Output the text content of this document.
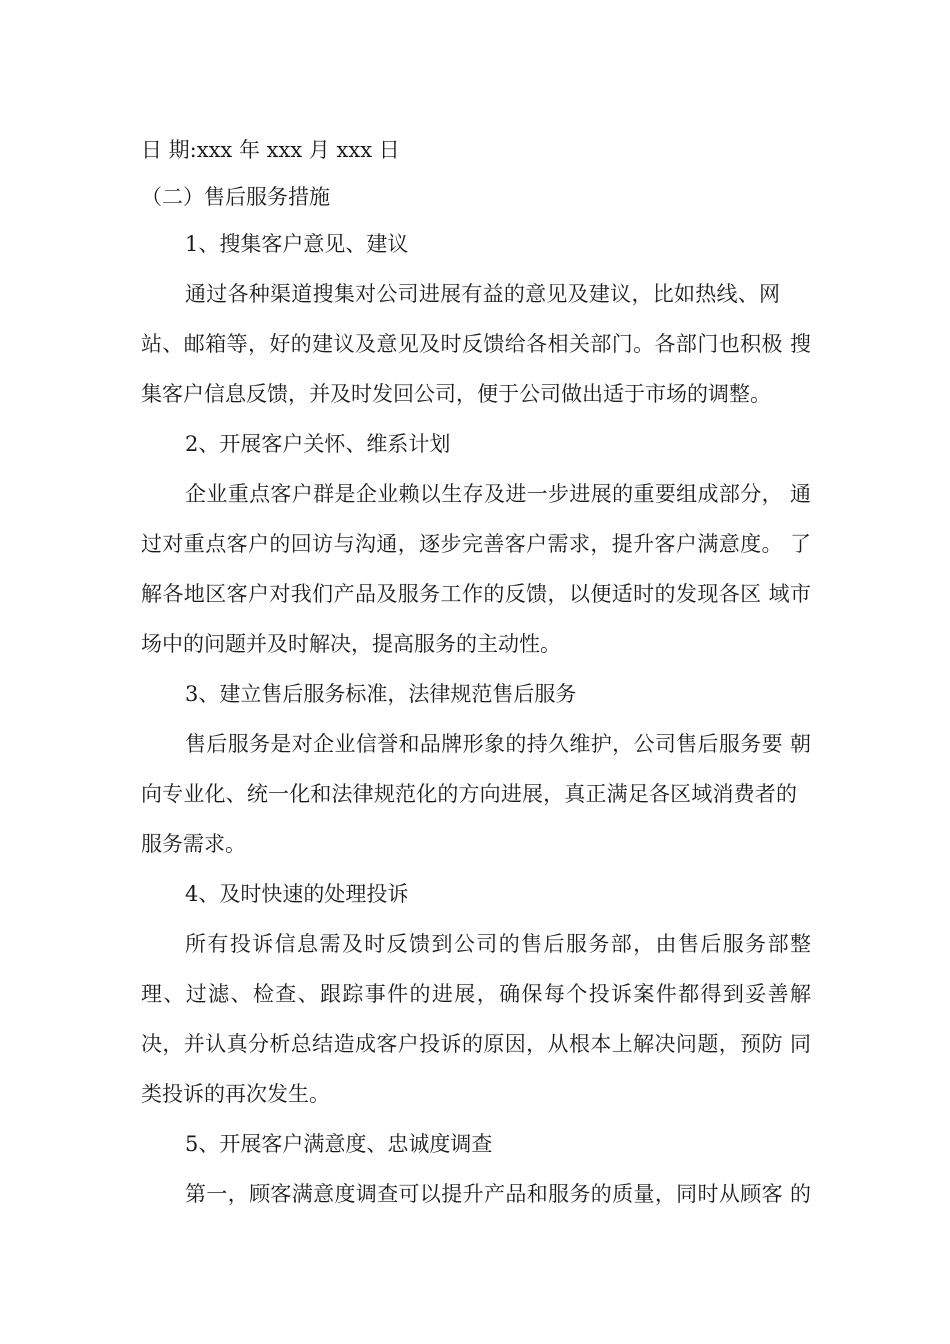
日 期:xxx 年 xxx 月 xxx 日
（二）售后服务措施
1、搜集客户意见、建议
通过各种渠道搜集对公司进展有益的意见及建议，比如热线、网
站、邮箱等，好的建议及意见及时反馈给各相关部门。各部门也积极 搜
集客户信息反馈，并及时发回公司，便于公司做出适于市场的调整。
2、开展客户关怀、维系计划
企业重点客户群是企业赖以生存及进一步进展的重要组成部分， 通
过对重点客户的回访与沟通，逐步完善客户需求，提升客户满意度。 了
解各地区客户对我们产品及服务工作的反馈，以便适时的发现各区 域市
场中的问题并及时解决，提高服务的主动性。
3、建立售后服务标准，法律规范售后服务
售后服务是对企业信誉和品牌形象的持久维护，公司售后服务要 朝
向专业化、统一化和法律规范化的方向进展，真正满足各区域消费者的
服务需求。
4、及时快速的处理投诉
所有投诉信息需及时反馈到公司的售后服务部，由售后服务部整
理、过滤、检查、跟踪事件的进展，确保每个投诉案件都得到妥善解
决，并认真分析总结造成客户投诉的原因，从根本上解决问题，预防 同
类投诉的再次发生。
5、开展客户满意度、忠诚度调查
第一，顾客满意度调查可以提升产品和服务的质量，同时从顾客 的
